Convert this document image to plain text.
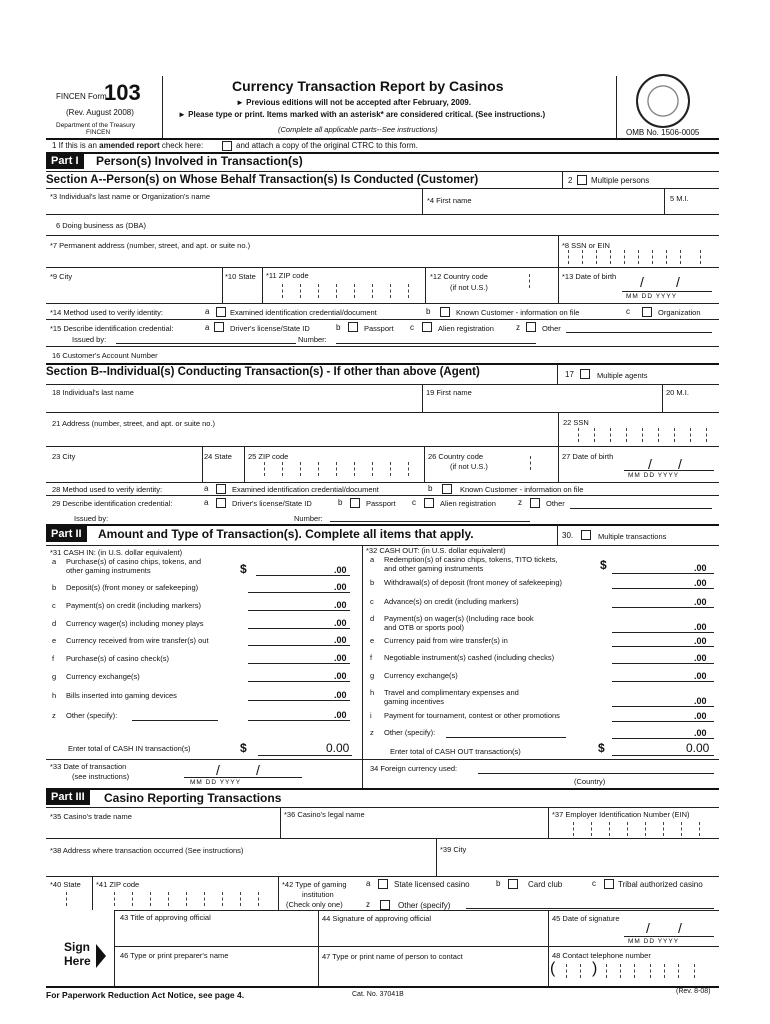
FINCEN Form
103
(Rev. August 2008)
Department of the Treasury
FINCEN
Currency Transaction Report by Casinos
► Previous editions will not be accepted after February, 2009.
► Please type or print. Items marked with an asterisk* are considered critical. (See instructions.)
(Complete all applicable parts--See instructions)	OMB No. 1506-0005
1 If this is an amended report check here:	and attach a copy of the original CTRC to this form.
Part I	Person(s) Involved in Transaction(s)
Section A--Person(s) on Whose Behalf Transaction(s) Is Conducted (Customer)	2 Multiple persons
*3 Individual's last name or Organization's name	*4 First name	5 M.I.
6 Doing business as (DBA)
*7 Permanent address (number, street, and apt. or suite no.)	*8 SSN or EIN
*9 City	*10 State *11 ZIP code	*12 Country code
(if not U.S.)
*13 Date of birth / /
MM DD YYYY
*14 Method used to verify identity:	a	Examined identification credential/document	b	Known Customer - information on file	c	Organization
*15 Describe identification credential:	a	Driver's license/State ID	b	Passport c	Alien registration	z	Other
Issued by:	Number:
16 Customer's Account Number
Section B--Individual(s) Conducting Transaction(s) - If other than above (Agent)	17	Multiple agents
18 Individual's last name	19 First name	20 M.I.
21 Address (number, street, and apt. or suite no.)	22 SSN
23 City	24 State 25 ZIP code	26 Country code
(if not U.S.)
27 Date of birth / /
MM DD YYYY
28 Method used to verify identity:	a	Examined identification credential/document	b	Known Customer - information on file
29 Describe identification credential:	a	Driver's license/State ID	b	Passport c	Alien registration	z	Other
Issued by:	Number:
Part II	Amount and Type of Transaction(s). Complete all items that apply.	30.	Multiple transactions
*31 CASH IN: (in U.S. dollar equivalent)	*32 CASH OUT: (in U.S. dollar equivalent)
a Purchase(s) of casino chips, tokens, and
other gaming instruments	.00
$
b Deposit(s) (front money or safekeeping)	.00
c Payment(s) on credit (including markers)	.00
d Currency wager(s) including money plays	.00
e Currency received from wire transfer(s) out	.00
f Purchase(s) of casino check(s)	.00
g Currency exchange(s)	.00
h Bills inserted into gaming devices	.00
z Other (specify):	.00
a Redemption(s) of casino chips, tokens, TITO tickets,
and other gaming instruments	.00
$
b Withdrawal(s) of deposit (front money of safekeeping)	.00
c Advance(s) on credit (including markers)	.00
d Payment(s) on wager(s) (Including race book
and OTB or sports pool)	.00
e Currency paid from wire transfer(s) in	.00
f Negotiable instrument(s) cashed (including checks)	.00
g Currency exchange(s)	.00
h Travel and complimentary expenses and
gaming incentives	.00
i Payment for tournament, contest or other promotions	.00
z Other (specify):	.00
Enter total of CASH IN transaction(s)	$	0.00	Enter total of CASH OUT transaction(s)	$	0.00
*33 Date of transaction
(see instructions)	/	/
MM DD YYYY
34 Foreign currency used:
(Country)
Part III	Casino Reporting Transactions
*35 Casino's trade name	*36 Casino's legal name	*37 Employer Identification Number (EIN)
*38 Address where transaction occurred (See instructions)	*39 City
*40 State *41 ZIP code	*42 Type of gaming
institution
(Check only one)
a	State licensed casino	b	Card club	c	Tribal authorized casino
z	Other (specify)
Sign
Here
43 Title of approving official	44 Signature of approving official	45 Date of signature
/ /
MM DD YYYY
46 Type or print preparer's name	47 Type or print name of person to contact	48 Contact telephone number
( )
For Paperwork Reduction Act Notice, see page 4.	Cat. No. 37041B	(Rev. 8-08)
